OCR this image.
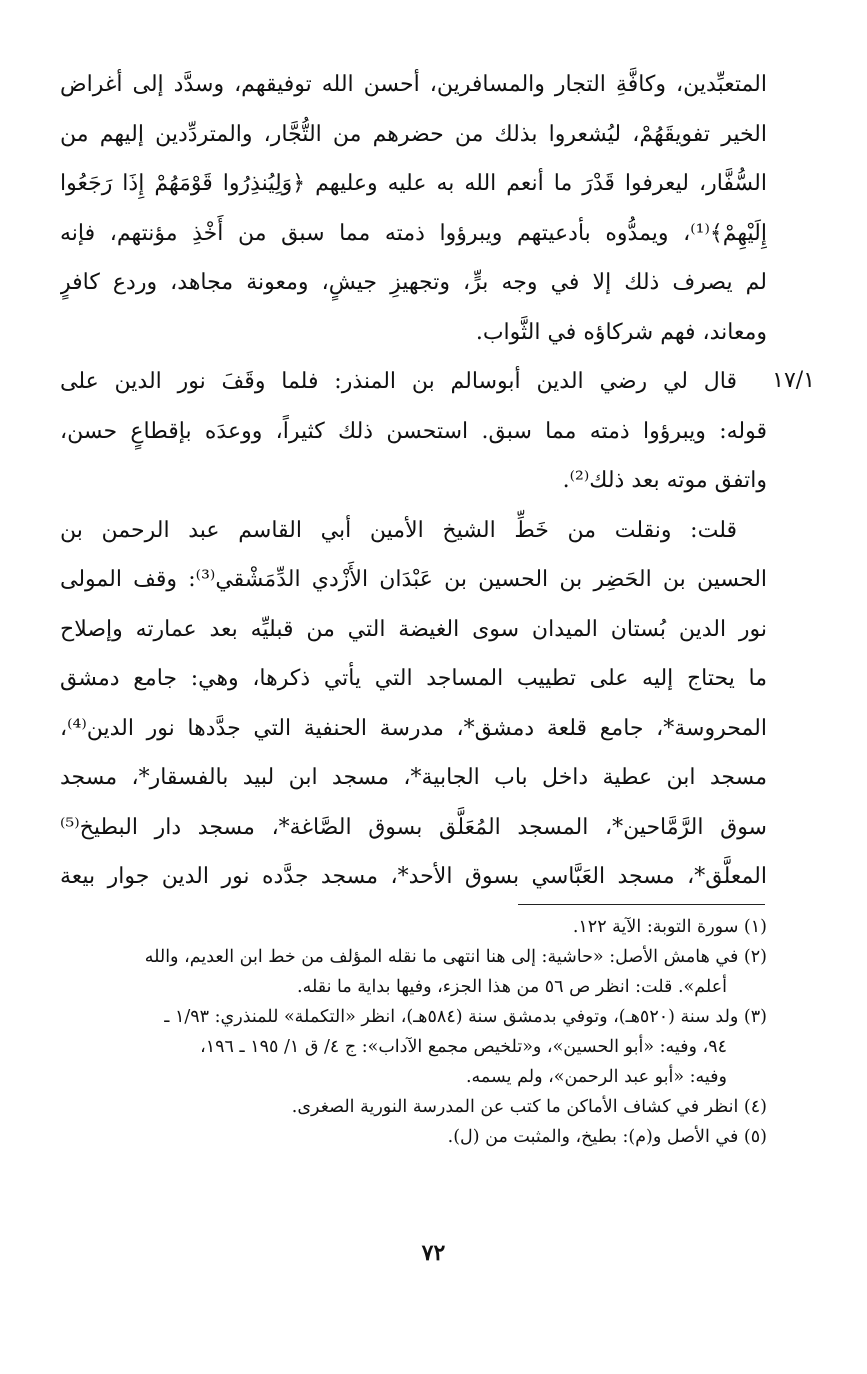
١٧/١
المتعبِّدين، وكافَّةِ التجار والمسافرين، أحسن الله توفيقهم، وسدَّد إلى أغراض
الخير تفويقَهُمْ، ليُشعروا بذلك من حضرهم من التُّجَّار، والمتردِّدين إليهم من
السُّفَّار، ليعرفوا قَدْرَ ما أنعم الله به عليه وعليهم ﴿وَلِيُنذِرُوا قَوْمَهُمْ إِذَا رَجَعُوا
إِلَيْهِمْ﴾⁽¹⁾، ويمدُّوه بأدعيتهم ويبرؤوا ذمته مما سبق من أَخْذِ مؤنتهم، فإنه
لم يصرف ذلك إلا في وجه برٍّ، وتجهيزِ جيشٍ، ومعونة مجاهد، وردع كافرٍ
ومعاند، فهم شركاؤه في الثَّواب.
قال لي رضي الدين أبوسالم بن المنذر: فلما وقَفَ نور الدين على
قوله: ويبرؤوا ذمته مما سبق. استحسن ذلك كثيراً، ووعدَه بإقطاعٍ حسن،
واتفق موته بعد ذلك⁽²⁾.
قلت: ونقلت من خَطِّ الشيخ الأمين أبي القاسم عبد الرحمن بن
الحسين بن الحَضِر بن الحسين بن عَبْدَان الأَزْدي الدِّمَشْقي⁽³⁾: وقف المولى
نور الدين بُستان الميدان سوى الغيضة التي من قبليِّه بعد عمارته وإصلاح
ما يحتاج إليه على تطييب المساجد التي يأتي ذكرها، وهي: جامع دمشق
المحروسة*، جامع قلعة دمشق*، مدرسة الحنفية التي جدَّدها نور الدين⁽⁴⁾،
مسجد ابن عطية داخل باب الجابية*، مسجد ابن لبيد بالفسقار*، مسجد
سوق الرَّمَّاحين*، المسجد المُعَلَّق بسوق الصَّاغة*، مسجد دار البطيخ⁽⁵⁾
المعلَّق*، مسجد العَبَّاسي بسوق الأحد*، مسجد جدَّده نور الدين جوار بيعة
(١) سورة التوبة: الآية ١٢٢.
(٢) في هامش الأصل: «حاشية: إلى هنا انتهى ما نقله المؤلف من خط ابن العديم، والله
أعلم». قلت: انظر ص ٥٦ من هذا الجزء، وفيها بداية ما نقله.
(٣) ولد سنة (٥٢٠هـ)، وتوفي بدمشق سنة (٥٨٤هـ)، انظر «التكملة» للمنذري: ١/٩٣ ـ
٩٤، وفيه: «أبو الحسين»، و«تلخيص مجمع الآداب»: ج ٤/ ق ١/ ١٩٥ ـ ١٩٦،
وفيه: «أبو عبد الرحمن»، ولم يسمه.
(٤) انظر في كشاف الأماكن ما كتب عن المدرسة النورية الصغرى.
(٥) في الأصل و(م): بطيخ، والمثبت من (ل).
٧٢
